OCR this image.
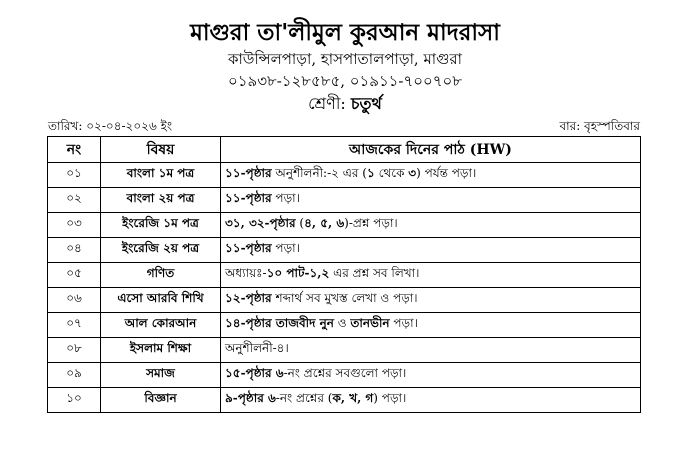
মাগুরা তা'লীমুল কুরআন মাদরাসা
কাউন্সিলপাড়া, হাসপাতালপাড়া, মাগুরা
০১৯৩৮-১২৮৫৮৫, ০১৯১১-৭০০৭০৮
শ্রেণী: চতুর্থ
তারিখ: ০২-০৪-২০২৬ ইং	বার: বৃহস্পতিবার
নং	বিষয়	আজকের দিনের পাঠ (HW)
০১	বাংলা ১ম পত্র	১১-পৃষ্ঠার অনুশীলনী:-২ এর (১ থেকে ৩) পর্যন্ত পড়া।
০২	বাংলা ২য় পত্র	১১-পৃষ্ঠার পড়া।
০৩	ইংরেজি ১ম পত্র	৩১, ৩২-পৃষ্ঠার (৪, ৫, ৬)-প্রশ্ন পড়া।
০৪	ইংরেজি ২য় পত্র	১১-পৃষ্ঠার পড়া।
০৫	গণিত	অধ্যায়ঃ-১০ পাট-১,২ এর প্রশ্ন সব লিখা।
০৬	এসো আরবি শিখি	১২-পৃষ্ঠার শব্দার্থ সব মুখস্ত লেখা ও পড়া।
০৭	আল কোরআন	১৪-পৃষ্ঠার তাজবীদ নুন ও তানভীন পড়া।
০৮	ইসলাম শিক্ষা	অনুশীলনী-৪।
০৯	সমাজ	১৫-পৃষ্ঠার ৬-নং প্রশ্নের সবগুলো পড়া।
১০	বিজ্ঞান	৯-পৃষ্ঠার ৬-নং প্রশ্নের (ক, খ, গ) পড়া।
